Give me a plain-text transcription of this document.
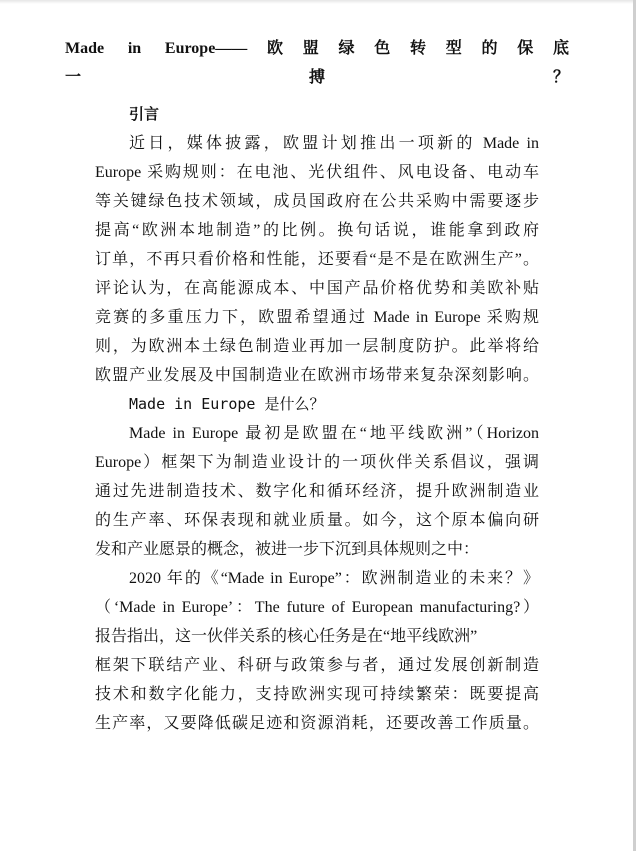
Made in Europe——欧盟绿色转型的保底
一搏？
引言
近日，媒体披露，欧盟计划推出一项新的 Made in
Europe 采购规则：在电池、光伏组件、风电设备、电动车
等关键绿色技术领域，成员国政府在公共采购中需要逐步
提高“欧洲本地制造”的比例。换句话说，谁能拿到政府
订单，不再只看价格和性能，还要看“是不是在欧洲生产”。
评论认为，在高能源成本、中国产品价格优势和美欧补贴
竞赛的多重压力下，欧盟希望通过 Made in Europe 采购规
则，为欧洲本土绿色制造业再加一层制度防护。此举将给
欧盟产业发展及中国制造业在欧洲市场带来复杂深刻影响。
Made in Europe 是什么？
Made in Europe 最初是欧盟在“地平线欧洲”（Horizon
Europe）框架下为制造业设计的一项伙伴关系倡议，强调
通过先进制造技术、数字化和循环经济，提升欧洲制造业
的生产率、环保表现和就业质量。如今，这个原本偏向研
发和产业愿景的概念，被进一步下沉到具体规则之中：
2020 年的《“Made in Europe”：欧洲制造业的未来？》
（‘Made in Europe’：The future of European manufacturing?）
报告指出，这一伙伴关系的核心任务是在“地平线欧洲”
框架下联结产业、科研与政策参与者，通过发展创新制造
技术和数字化能力，支持欧洲实现可持续繁荣：既要提高
生产率，又要降低碳足迹和资源消耗，还要改善工作质量。
